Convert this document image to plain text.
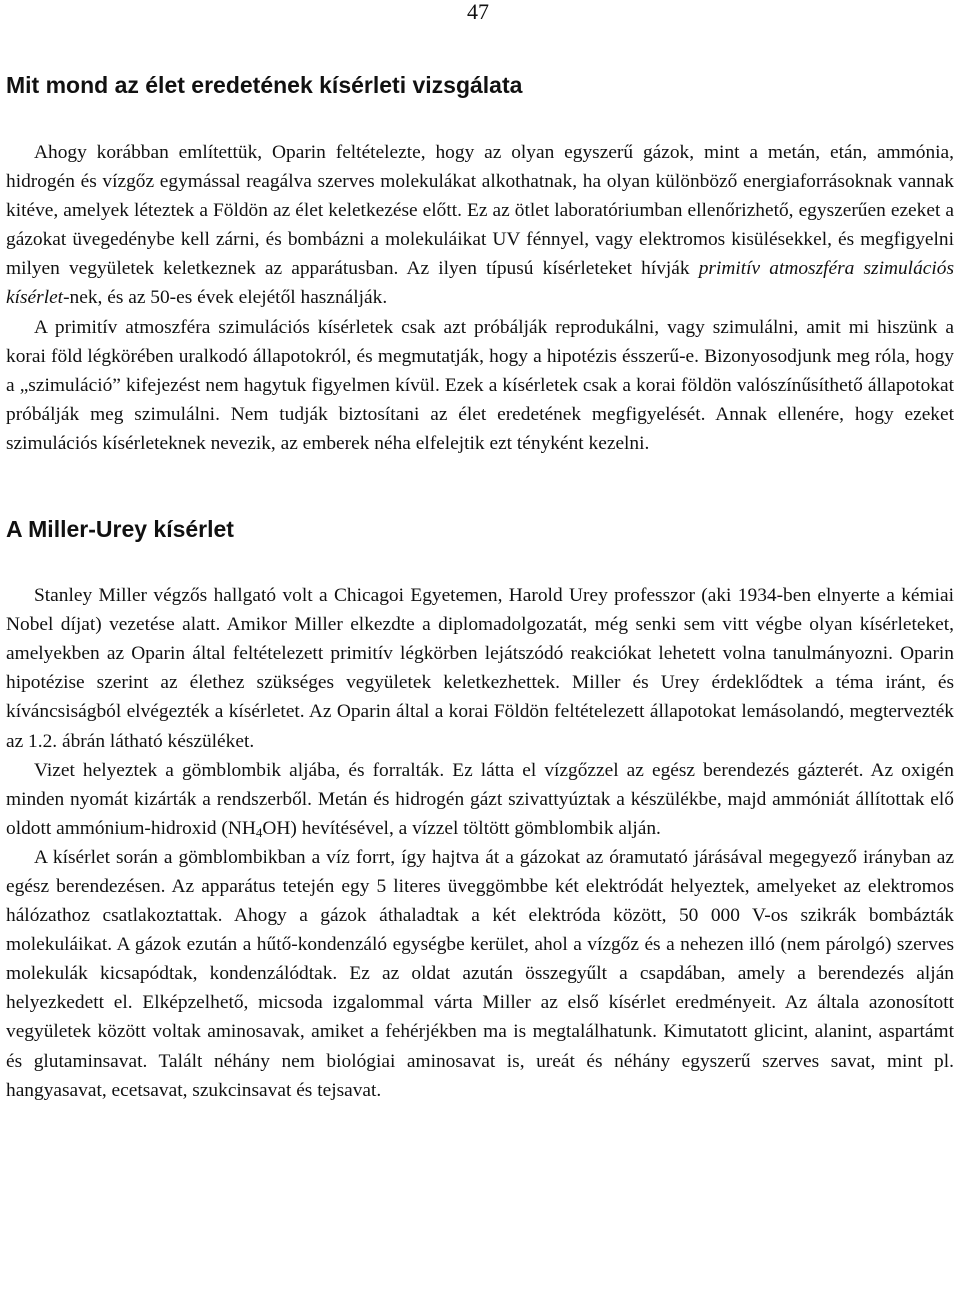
47
Mit mond az élet eredetének kísérleti vizsgálata

Ahogy korábban említettük, Oparin feltételezte, hogy az olyan egyszerű gázok, mint a metán, etán, ammónia, hidrogén és vízgőz egymással reagálva szerves molekulákat alkothatnak, ha olyan különböző energiaforrásoknak vannak kitéve, amelyek léteztek a Földön az élet keletkezése előtt. Ez az ötlet laboratóriumban ellenőrizhető, egyszerűen ezeket a gázokat üvegedénybe kell zárni, és bombázni a molekuláikat UV fénnyel, vagy elektromos kisülésekkel, és megfigyelni milyen vegyületek keletkeznek az apparátusban. Az ilyen típusú kísérleteket hívják primitív atmoszféra szimulációs kísérlet-nek, és az 50-es évek elejétől használják.

A primitív atmoszféra szimulációs kísérletek csak azt próbálják reprodukálni, vagy szimulálni, amit mi hiszünk a korai föld légkörében uralkodó állapotokról, és megmutatják, hogy a hipotézis ésszerű-e. Bizonyosodjunk meg róla, hogy a „szimuláció” kifejezést nem hagytuk figyelmen kívül. Ezek a kísérletek csak a korai földön valószínűsíthető állapotokat próbálják meg szimulálni. Nem tudják biztosítani az élet eredetének megfigyelését. Annak ellenére, hogy ezeket szimulációs kísérleteknek nevezik, az emberek néha elfelejtik ezt tényként kezelni.

A Miller-Urey kísérlet

Stanley Miller végzős hallgató volt a Chicagoi Egyetemen, Harold Urey professzor (aki 1934-ben elnyerte a kémiai Nobel díjat) vezetése alatt. Amikor Miller elkezdte a diplomadolgozatát, még senki sem vitt végbe olyan kísérleteket, amelyekben az Oparin által feltételezett primitív légkörben lejátszódó reakciókat lehetett volna tanulmányozni. Oparin hipotézise szerint az élethez szükséges vegyületek keletkezhettek. Miller és Urey érdeklődtek a téma iránt, és kíváncsiságból elvégezték a kísérletet. Az Oparin által a korai Földön feltételezett állapotokat lemásolandó, megtervezték az 1.2. ábrán látható készüléket.

Vizet helyeztek a gömblombik aljába, és forralták. Ez látta el vízgőzzel az egész berendezés gázterét. Az oxigén minden nyomát kizárták a rendszerből. Metán és hidrogén gázt szivattyúztak a készülékbe, majd ammóniát állítottak elő oldott ammónium-hidroxid $(NH_4OH)$ hevítésével, a vízzel töltött gömblombik alján.

A kísérlet során a gömblombikban a víz forrt, így hajtva át a gázokat az óramutató járásával megegyező irányban az egész berendezésen. Az apparátus tetején egy 5 literes üveggömbbe két elektródát helyeztek, amelyeket az elektromos hálózathoz csatlakoztattak. Ahogy a gázok áthaladtak a két elektróda között, 50 000 V-os szikrák bombázták molekuláikat. A gázok ezután a hűtő-kondenzáló egységbe kerület, ahol a vízgőz és a nehezen illó (nem párolgó) szerves molekulák kicsapódtak, kondenzálódtak. Ez az oldat azután összegyűlt a csapdában, amely a berendezés alján helyezkedett el. Elképzelhető, micsoda izgalommal várta Miller az első kísérlet eredményeit. Az általa azonosított vegyületek között voltak aminosavak, amiket a fehérjékben ma is megtalálhatunk. Kimutatott glicint, alanint, aspartámt és glutaminsavat. Talált néhány nem biológiai aminosavat is, ureát és néhány egyszerű szerves savat, mint pl. hangyasavat, ecetsavat, szukcinsavat és tejsavat.
